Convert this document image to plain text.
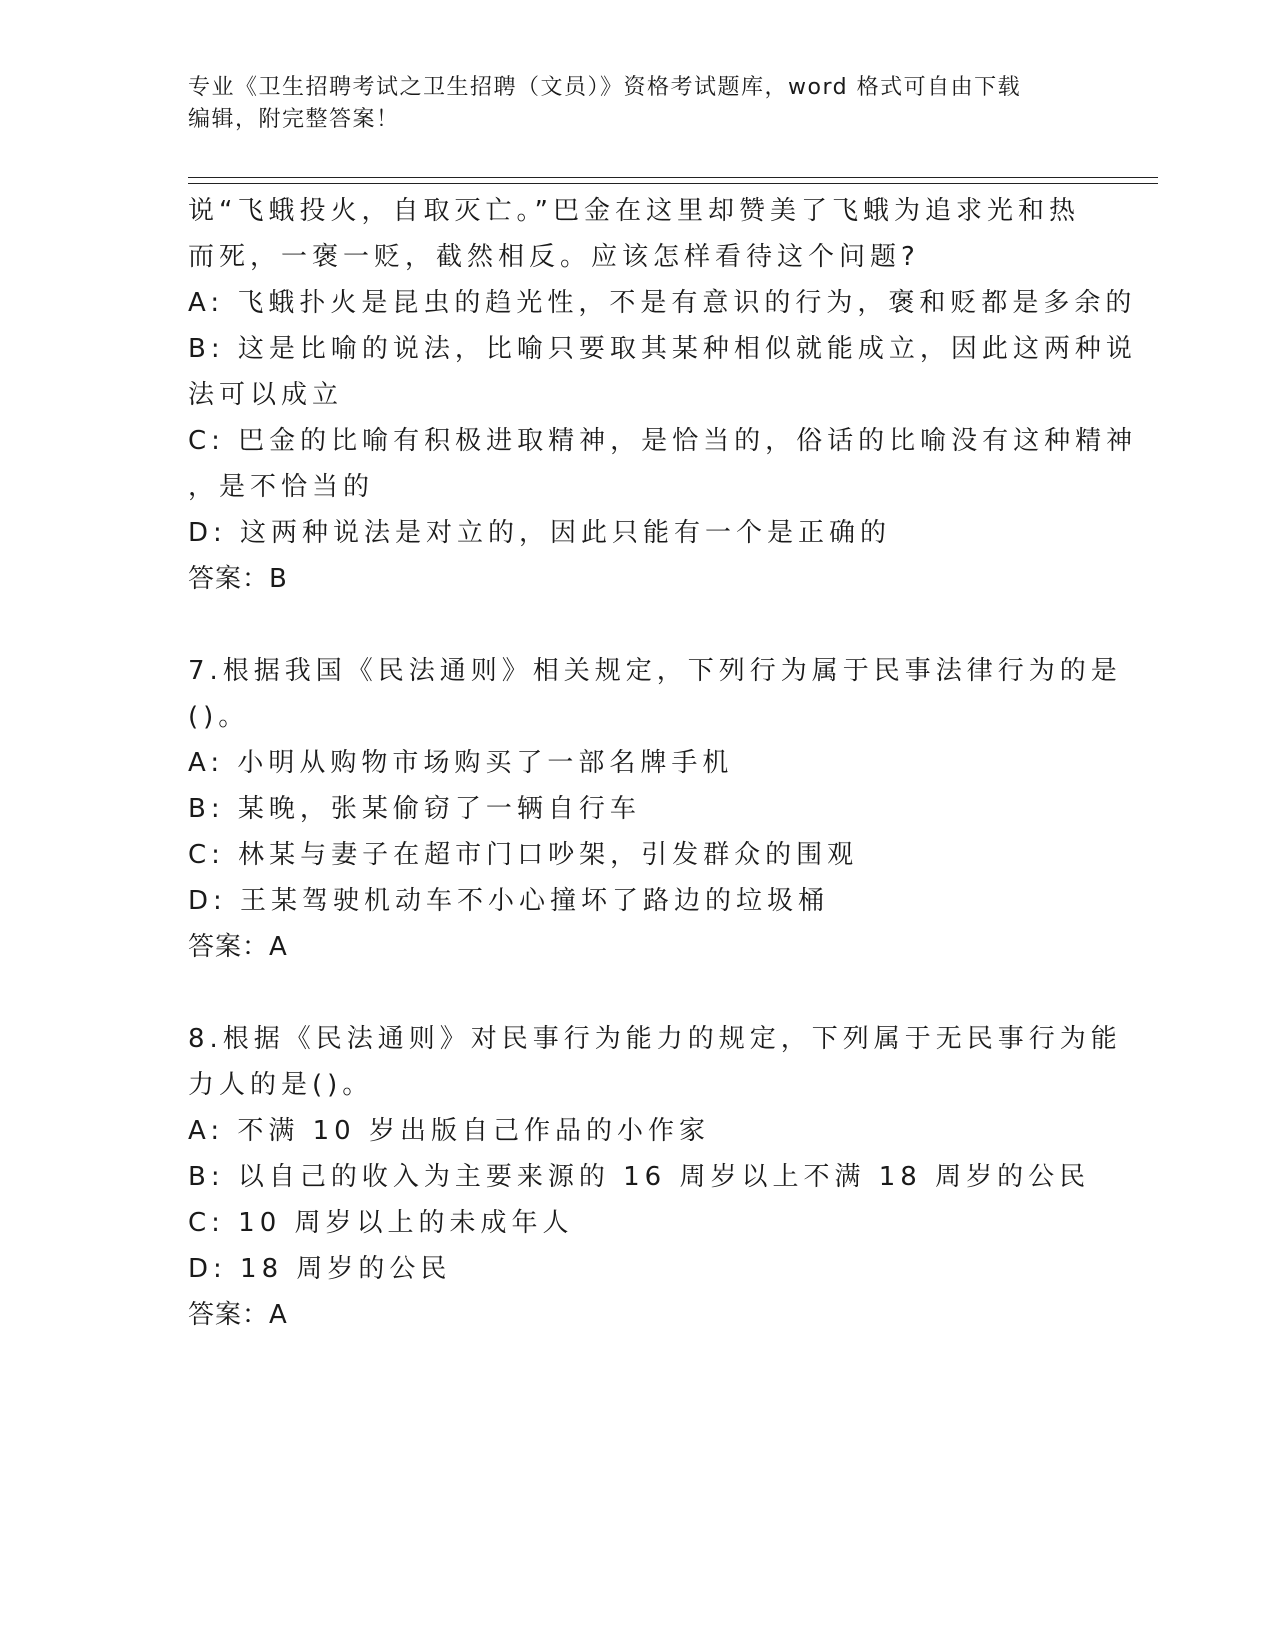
专业《卫生招聘考试之卫生招聘（文员）》资格考试题库，word 格式可自由下载
编辑，附完整答案！
说“飞蛾投火，自取灭亡。”巴金在这里却赞美了飞蛾为追求光和热
而死，一褒一贬，截然相反。应该怎样看待这个问题?
A: 飞蛾扑火是昆虫的趋光性，不是有意识的行为，褒和贬都是多余的
B: 这是比喻的说法，比喻只要取其某种相似就能成立，因此这两种说
法可以成立
C: 巴金的比喻有积极进取精神，是恰当的，俗话的比喻没有这种精神
，是不恰当的
D: 这两种说法是对立的，因此只能有一个是正确的
答案：B
7.根据我国《民法通则》相关规定，下列行为属于民事法律行为的是
()。
A: 小明从购物市场购买了一部名牌手机
B: 某晚，张某偷窃了一辆自行车
C: 林某与妻子在超市门口吵架，引发群众的围观
D: 王某驾驶机动车不小心撞坏了路边的垃圾桶
答案：A
8.根据《民法通则》对民事行为能力的规定，下列属于无民事行为能
力人的是()。
A: 不满 10 岁出版自己作品的小作家
B: 以自己的收入为主要来源的 16 周岁以上不满 18 周岁的公民
C: 10 周岁以上的未成年人
D: 18 周岁的公民
答案：A
